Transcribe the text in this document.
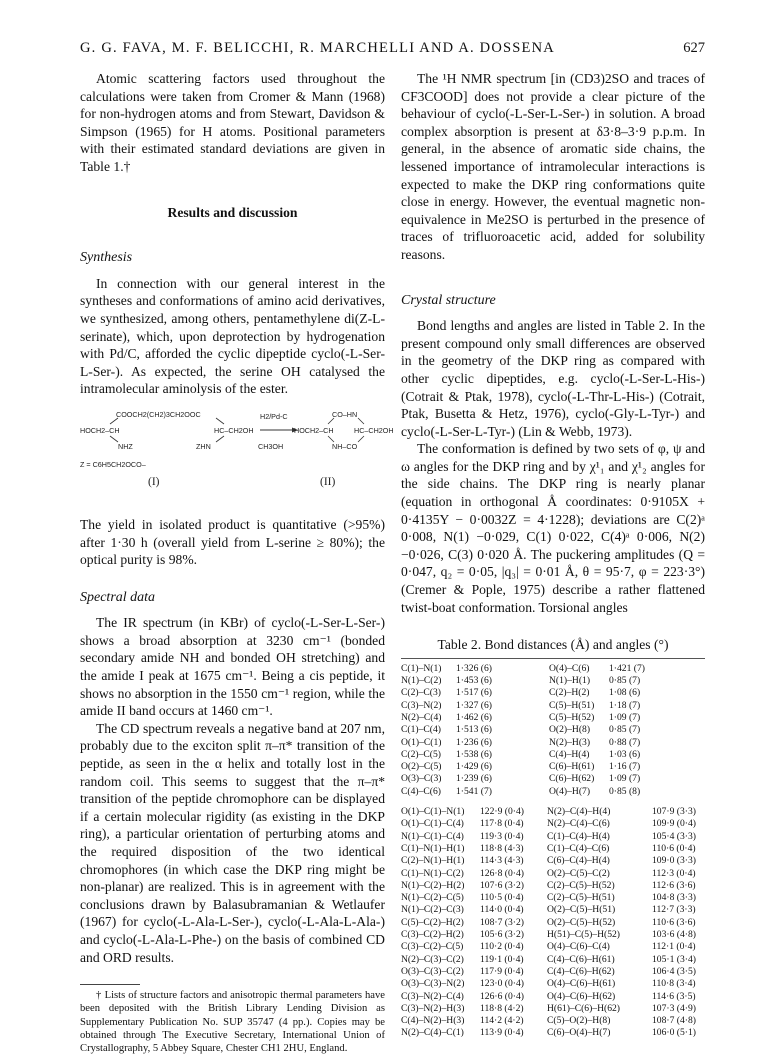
G. G. FAVA, M. F. BELICCHI, R. MARCHELLI AND A. DOSSENA	627

Atomic scattering factors used throughout the calculations were taken from Cromer & Mann (1968) for non-hydrogen atoms and from Stewart, Davidson & Simpson (1965) for H atoms. Positional parameters with their estimated standard deviations are given in Table 1.†

Results and discussion
Synthesis

In connection with our general interest in the syntheses and conformations of amino acid derivatives, we synthesized, among others, pentamethylene di(Z-L-serinate), which, upon deprotection by hydrogenation with Pd/C, afforded the cyclic dipeptide cyclo(-L-Ser-L-Ser-). As expected, the serine OH catalysed the intramolecular aminolysis of the ester.

H2/Pd-C
COOCH2(CH2)3CH2OOC
HOCH2–CH	HC–CH2OH
NHZ	ZHN	CH3OH
CO–HN
HOCH2–CH	HC–CH2OH
NH–CO
Z = C6H5CH2OCO–
(I)	(II)

The yield in isolated product is quantitative (>95%) after 1·30 h (overall yield from L-serine ≥ 80%); the optical purity is 98%.

Spectral data

The IR spectrum (in KBr) of cyclo(-L-Ser-L-Ser-) shows a broad absorption at 3230 cm⁻¹ (bonded secondary amide NH and bonded OH stretching) and the amide I peak at 1675 cm⁻¹. Being a cis peptide, it shows no absorption in the 1550 cm⁻¹ region, while the amide II band occurs at 1460 cm⁻¹.

The CD spectrum reveals a negative band at 207 nm, probably due to the exciton split π–π* transition of the peptide, as seen in the α helix and totally lost in the random coil. This seems to suggest that the π–π* transition of the peptide chromophore can be displayed if a certain molecular rigidity (as existing in the DKP ring), a particular orientation of perturbing atoms and the required disposition of the two identical chromophores (in which case the DKP ring might be non-planar) are realized. This is in agreement with the conclusions drawn by Balasubramanian & Wetlaufer (1967) for cyclo(-L-Ala-L-Ser-), cyclo(-L-Ala-L-Ala-) and cyclo(-L-Ala-L-Phe-) on the basis of combined CD and ORD results.

† Lists of structure factors and anisotropic thermal parameters have been deposited with the British Library Lending Division as Supplementary Publication No. SUP 35747 (4 pp.). Copies may be obtained through The Executive Secretary, International Union of Crystallography, 5 Abbey Square, Chester CH1 2HU, England.

The ¹H NMR spectrum [in (CD3)2SO and traces of CF3COOD] does not provide a clear picture of the behaviour of cyclo(-L-Ser-L-Ser-) in solution. A broad complex absorption is present at δ3·8–3·9 p.p.m. In general, in the absence of aromatic side chains, the lessened importance of intramolecular interactions is expected to make the DKP ring conformations quite close in energy. However, the eventual magnetic non-equivalence in Me2SO is perturbed in the presence of traces of trifluoroacetic acid, added for solubility reasons.

Crystal structure

Bond lengths and angles are listed in Table 2. In the present compound only small differences are observed in the geometry of the DKP ring as compared with other cyclic dipeptides, e.g. cyclo(-L-Ser-L-His-) (Cotrait & Ptak, 1978), cyclo(-L-Thr-L-His-) (Cotrait, Ptak, Busetta & Hetz, 1976), cyclo(-Gly-L-Tyr-) and cyclo(-L-Ser-L-Tyr-) (Lin & Webb, 1973).

The conformation is defined by two sets of φ, ψ and ω angles for the DKP ring and by χ¹₁ and χ¹₂ angles for the side chains. The DKP ring is nearly planar (equation in orthogonal Å coordinates: 0·9105X + 0·4135Y − 0·0032Z = 4·1228); deviations are C(2)ᵃ 0·008, N(1) −0·029, C(1) 0·022, C(4)ᵃ 0·006, N(2) −0·026, C(3) 0·020 Å. The puckering amplitudes (Q = 0·047, q₂ = 0·05, |q₃| = 0·01 Å, θ = 95·7, φ = 223·3°) (Cremer & Pople, 1975) describe a rather flattened twist-boat conformation. Torsional angles

Table 2. Bond distances (Å) and angles (°)
C(1)–N(1)	1·326 (6)	O(4)–C(6)	1·421 (7)
N(1)–C(2)	1·453 (6)	N(1)–H(1)	0·85 (7)
C(2)–C(3)	1·517 (6)	C(2)–H(2)	1·08 (6)
C(3)–N(2)	1·327 (6)	C(5)–H(51)	1·18 (7)
N(2)–C(4)	1·462 (6)	C(5)–H(52)	1·09 (7)
C(1)–C(4)	1·513 (6)	O(2)–H(8)	0·85 (7)
O(1)–C(1)	1·236 (6)	N(2)–H(3)	0·88 (7)
C(2)–C(5)	1·538 (6)	C(4)–H(4)	1·03 (6)
O(2)–C(5)	1·429 (6)	C(6)–H(61)	1·16 (7)
O(3)–C(3)	1·239 (6)	C(6)–H(62)	1·09 (7)
C(4)–C(6)	1·541 (7)	O(4)–H(7)	0·85 (8)
O(1)–C(1)–N(1)	122·9 (0·4)	N(2)–C(4)–H(4)	107·9 (3·3)
O(1)–C(1)–C(4)	117·8 (0·4)	N(2)–C(4)–C(6)	109·9 (0·4)
N(1)–C(1)–C(4)	119·3 (0·4)	C(1)–C(4)–H(4)	105·4 (3·3)
C(1)–N(1)–H(1)	118·8 (4·3)	C(1)–C(4)–C(6)	110·6 (0·4)
C(2)–N(1)–H(1)	114·3 (4·3)	C(6)–C(4)–H(4)	109·0 (3·3)
C(1)–N(1)–C(2)	126·8 (0·4)	O(2)–C(5)–C(2)	112·3 (0·4)
N(1)–C(2)–H(2)	107·6 (3·2)	C(2)–C(5)–H(52)	112·6 (3·6)
N(1)–C(2)–C(5)	110·5 (0·4)	C(2)–C(5)–H(51)	104·8 (3·3)
N(1)–C(2)–C(3)	114·0 (0·4)	O(2)–C(5)–H(51)	112·7 (3·3)
C(5)–C(2)–H(2)	108·7 (3·2)	O(2)–C(5)–H(52)	110·6 (3·6)
C(3)–C(2)–H(2)	105·6 (3·2)	H(51)–C(5)–H(52)	103·6 (4·8)
C(3)–C(2)–C(5)	110·2 (0·4)	O(4)–C(6)–C(4)	112·1 (0·4)
N(2)–C(3)–C(2)	119·1 (0·4)	C(4)–C(6)–H(61)	105·1 (3·4)
O(3)–C(3)–C(2)	117·9 (0·4)	C(4)–C(6)–H(62)	106·4 (3·5)
O(3)–C(3)–N(2)	123·0 (0·4)	O(4)–C(6)–H(61)	110·8 (3·4)
C(3)–N(2)–C(4)	126·6 (0·4)	O(4)–C(6)–H(62)	114·6 (3·5)
C(3)–N(2)–H(3)	118·8 (4·2)	H(61)–C(6)–H(62)	107·3 (4·9)
C(4)–N(2)–H(3)	114·2 (4·2)	C(5)–O(2)–H(8)	108·7 (4·8)
N(2)–C(4)–C(1)	113·9 (0·4)	C(6)–O(4)–H(7)	106·0 (5·1)
